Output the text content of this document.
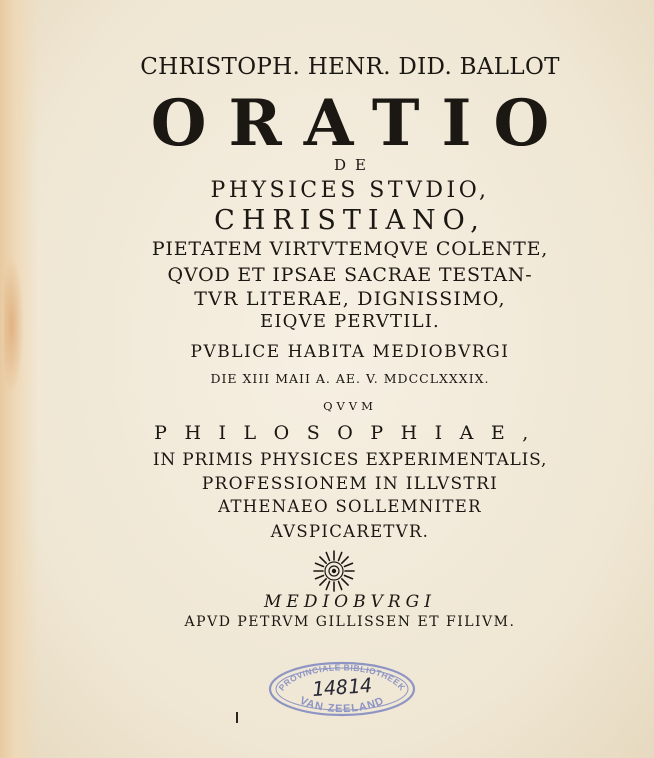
CHRISTOPH. HENR. DID. BALLOT
ORATIO
DE
PHYSICES STVDIO,
CHRISTIANO,
PIETATEM VIRTVTEMQVE COLENTE,
QVOD ET IPSAE SACRAE TESTAN-
TVR LITERAE, DIGNISSIMO,
EIQVE PERVTILI.
PVBLICE HABITA MEDIOBVRGI
DIE XIII MAII A. AE. V. MDCCLXXXIX.
QVVM
PHILOSOPHIAE,
IN PRIMIS PHYSICES EXPERIMENTALIS,
PROFESSIONEM IN ILLVSTRI
ATHENAEO SOLLEMNITER
AVSPICARETVR.
MEDIOBVRGI
APVD PETRVM GILLISSEN ET FILIVM.
PROVINCIALE BIBLIOTHEEK
VAN ZEELAND
14814
